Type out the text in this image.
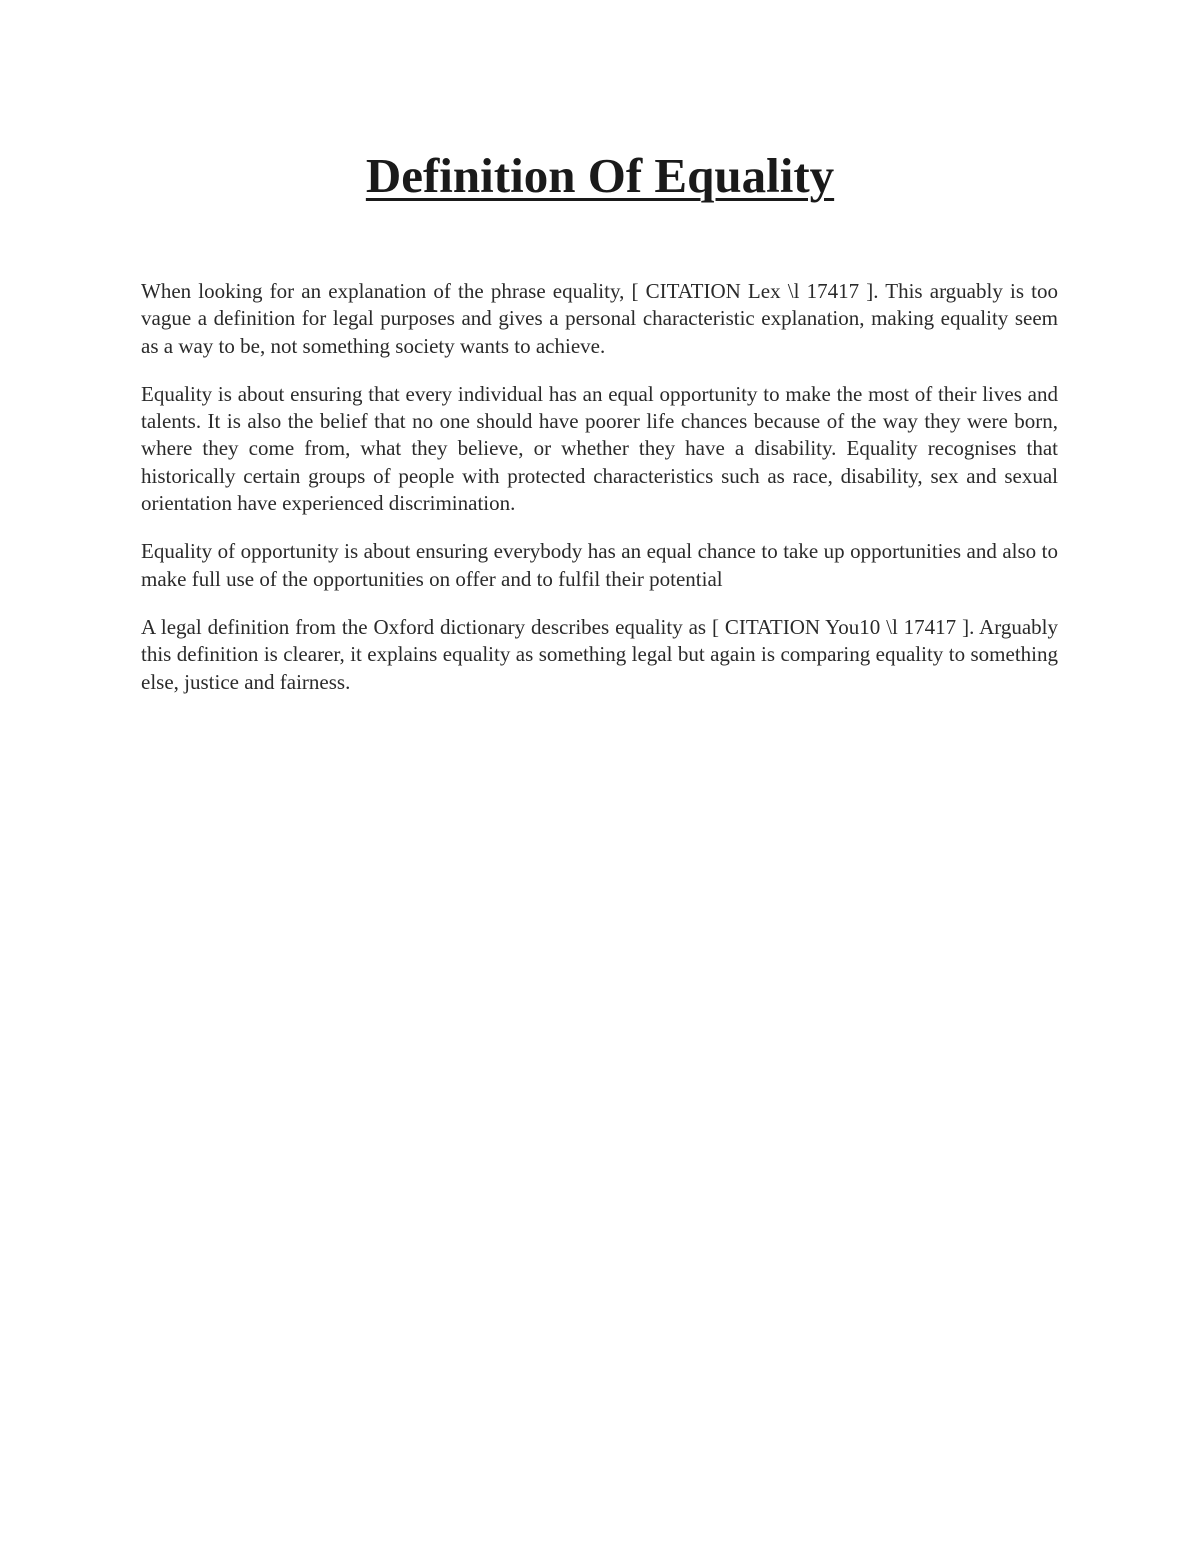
Definition Of Equality

When looking for an explanation of the phrase equality, [ CITATION Lex \l 17417 ]. This arguably is too vague a definition for legal purposes and gives a personal characteristic explanation, making equality seem as a way to be, not something society wants to achieve.

Equality is about ensuring that every individual has an equal opportunity to make the most of their lives and talents. It is also the belief that no one should have poorer life chances because of the way they were born, where they come from, what they believe, or whether they have a disability. Equality recognises that historically certain groups of people with protected characteristics such as race, disability, sex and sexual orientation have experienced discrimination.

Equality of opportunity is about ensuring everybody has an equal chance to take up opportunities and also to make full use of the opportunities on offer and to fulfil their potential

A legal definition from the Oxford dictionary describes equality as [ CITATION You10 \l 17417 ]. Arguably this definition is clearer, it explains equality as something legal but again is comparing equality to something else, justice and fairness.
